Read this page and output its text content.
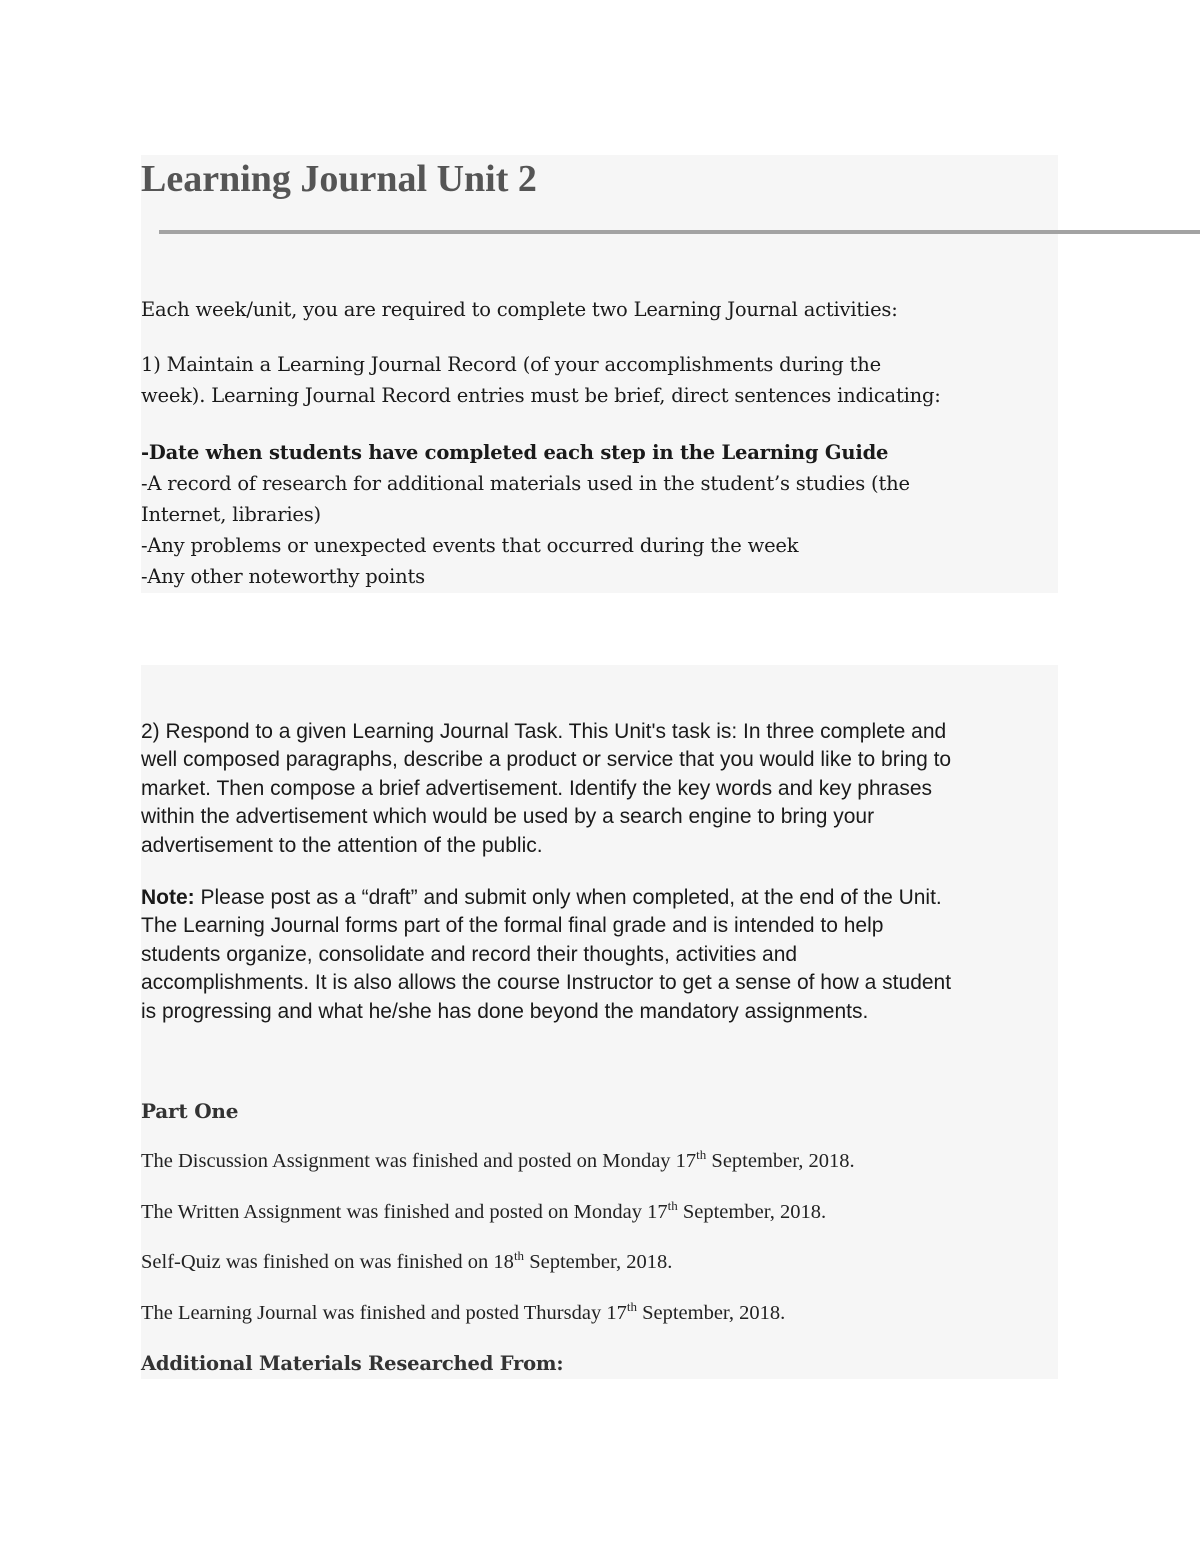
Learning Journal Unit 2

Each week/unit, you are required to complete two Learning Journal activities:

1) Maintain a Learning Journal Record (of your accomplishments during the
week). Learning Journal Record entries must be brief, direct sentences indicating:
-Date when students have completed each step in the Learning Guide
-A record of research for additional materials used in the student’s studies (the
Internet, libraries)
-Any problems or unexpected events that occurred during the week
-Any other noteworthy points
2) Respond to a given Learning Journal Task. This Unit's task is: In three complete and
well composed paragraphs, describe a product or service that you would like to bring to
market. Then compose a brief advertisement. Identify the key words and key phrases
within the advertisement which would be used by a search engine to bring your
advertisement to the attention of the public.
Note: Please post as a “draft” and submit only when completed, at the end of the Unit.
The Learning Journal forms part of the formal final grade and is intended to help
students organize, consolidate and record their thoughts, activities and
accomplishments. It is also allows the course Instructor to get a sense of how a student
is progressing and what he/she has done beyond the mandatory assignments.
Part One
The Discussion Assignment was finished and posted on Monday 17th September, 2018.
The Written Assignment was finished and posted on Monday 17th September, 2018.
Self-Quiz was finished on was finished on 18th September, 2018.
The Learning Journal was finished and posted Thursday 17th September, 2018.
Additional Materials Researched From:
